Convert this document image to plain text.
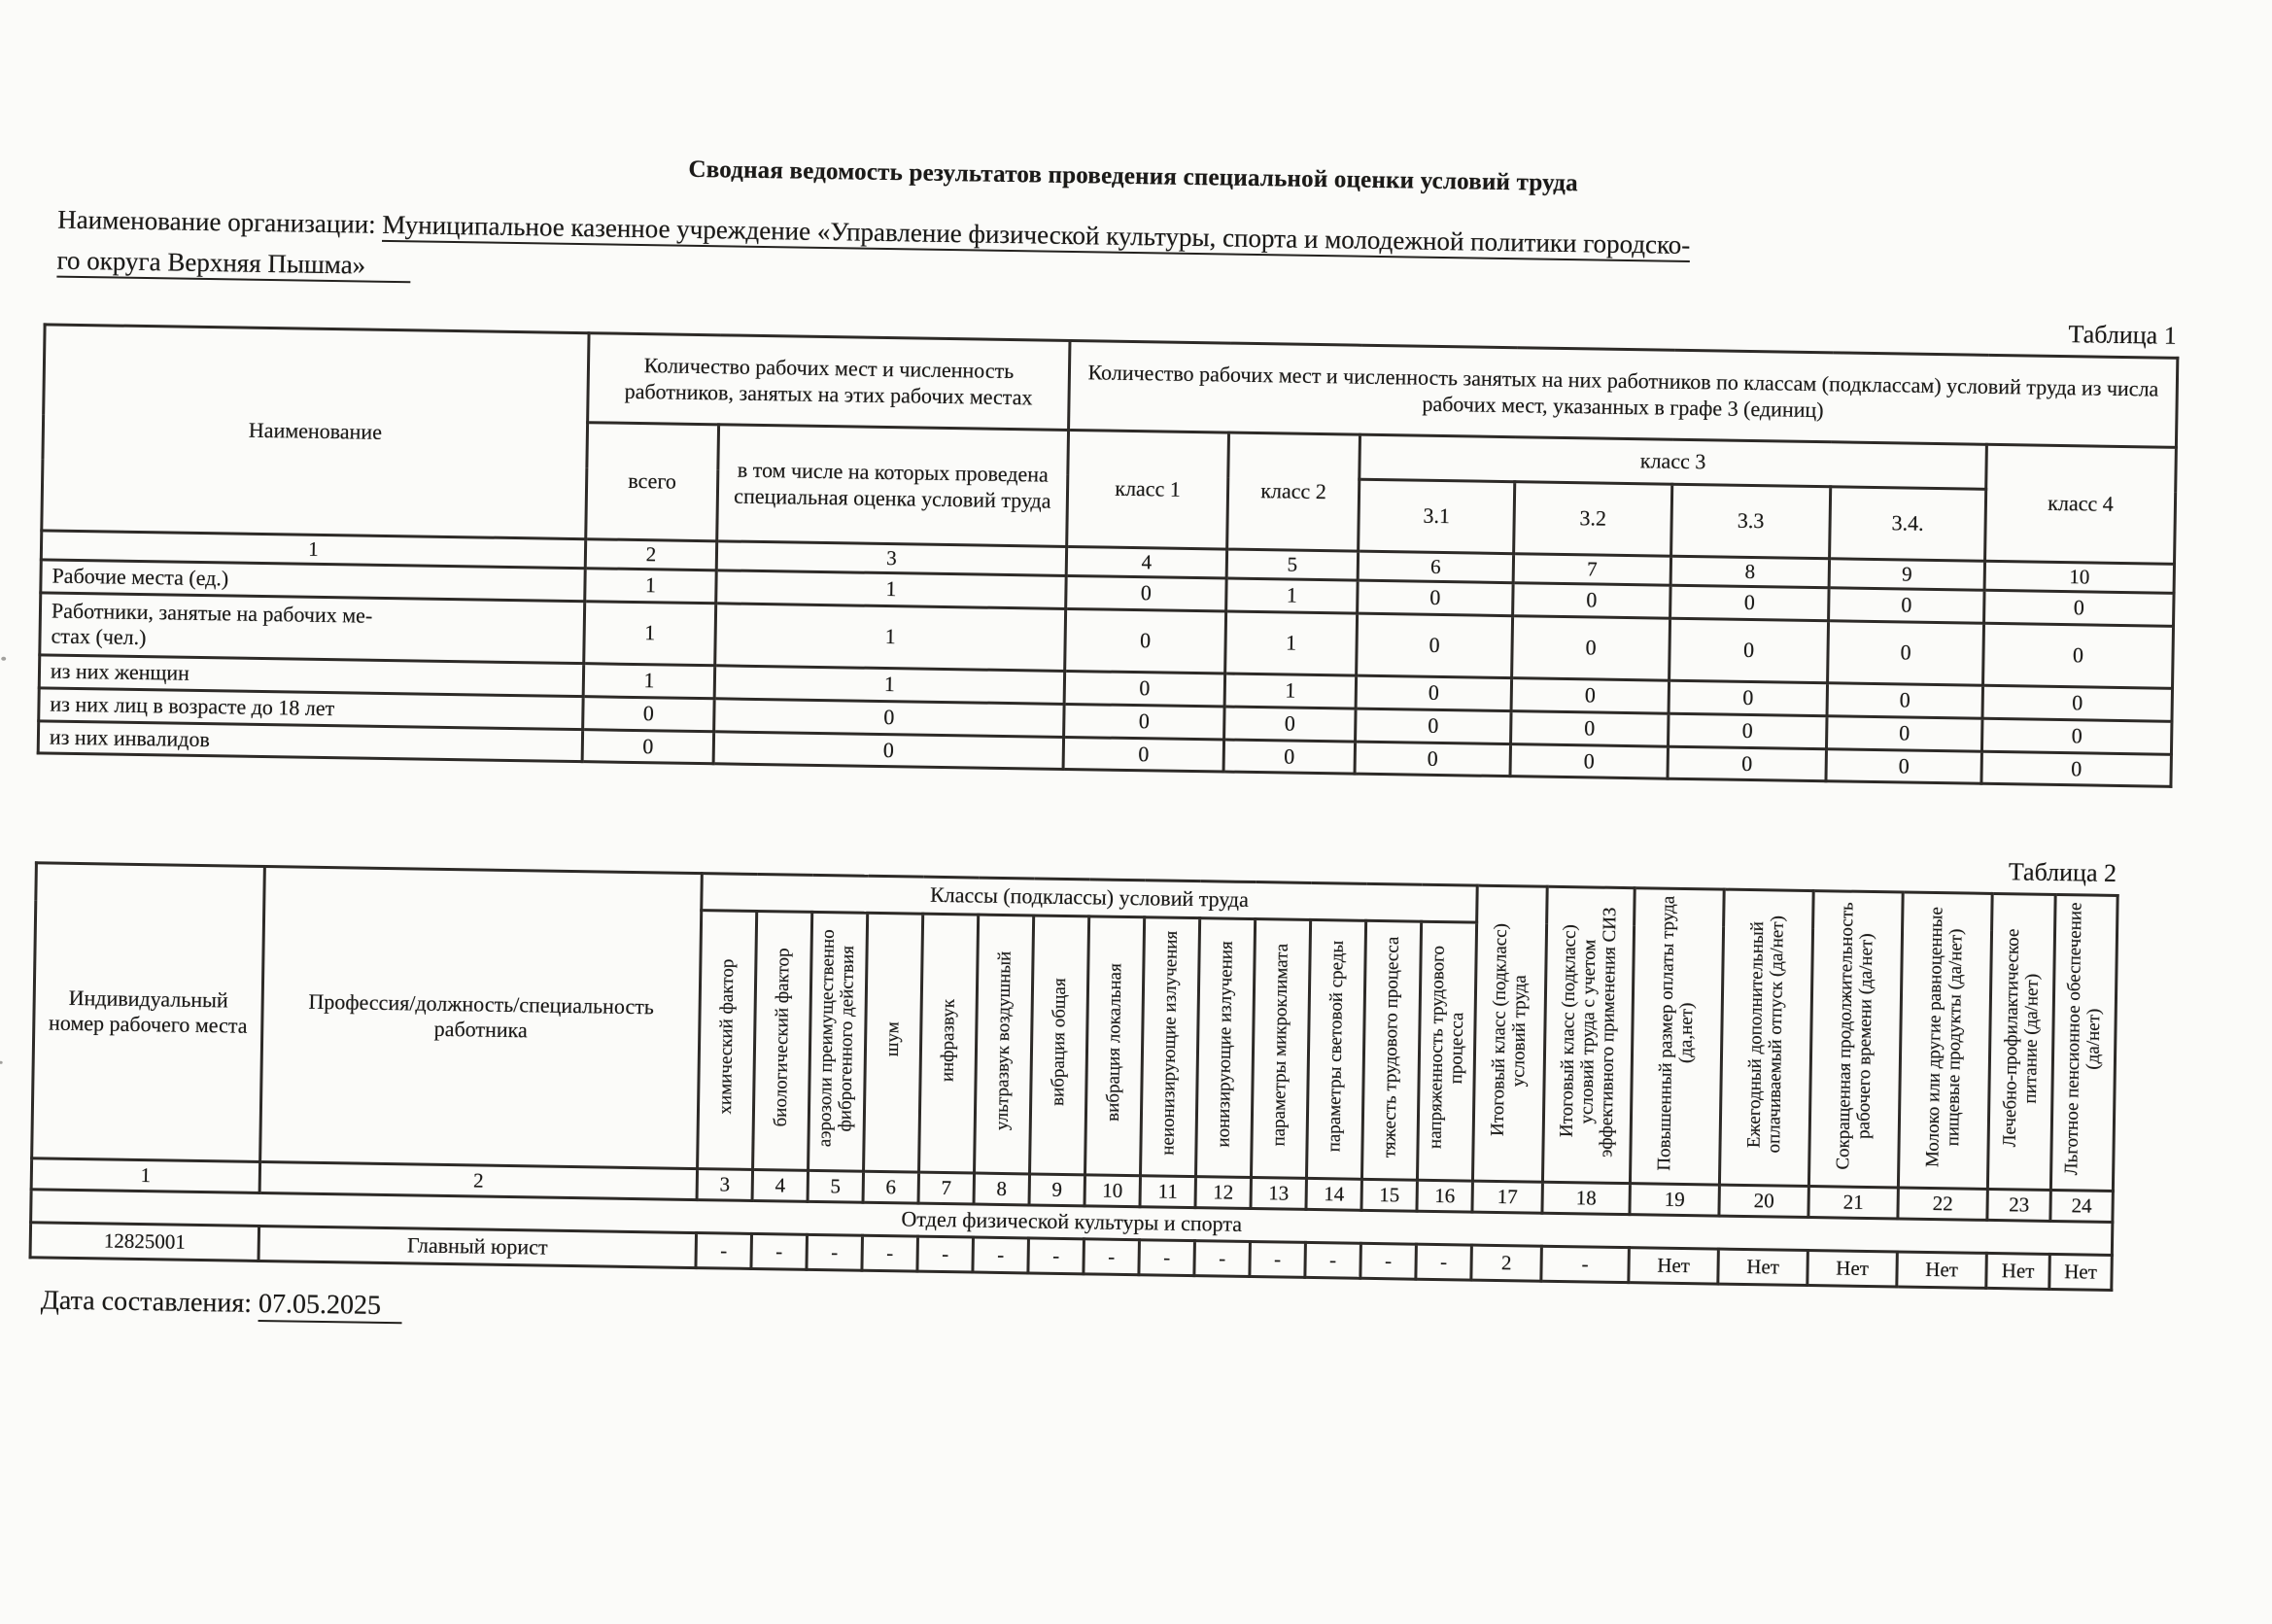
Сводная ведомость результатов проведения специальной оценки условий труда
Наименование организации: Муниципальное казенное учреждение «Управление физической культуры, спорта и молодежной политики городско-
го округа Верхняя Пышма»
Таблица 1
Наименование	Количество рабочих мест и численность работников, занятых на этих рабочих местах		Количество рабочих мест и численность занятых на них работников по классам (подклассам) условий труда из числа рабочих мест, указанных в графе 3 (единиц)						
	всего	в том числе на которых проведена специальная оценка условий труда	класс 1	класс 2	класс 3				класс 4
					3.1	3.2	3.3	3.4.	
1	2	3	4	5	6	7	8	9	10
Рабочие места (ед.)	1	1	0	1	0	0	0	0	0
Работники, занятые на рабочих ме-
стах (чел.)	1	1	0	1	0	0	0	0	0
из них женщин	1	1	0	1	0	0	0	0	0
из них лиц в возрасте до 18 лет	0	0	0	0	0	0	0	0	0
из них инвалидов	0	0	0	0	0	0	0	0	0
Таблица 2
Индивидуальный номер рабочего места	Профессия/должность/специальность работника	Классы (подклассы) условий труда														Итоговый класс (подкласс) условий труда	Итоговый класс (подкласс) условий труда с учетом эффективного применения СИЗ	Повышенный размер оплаты труда (да,нет)	Ежегодный дополнительный оплачиваемый отпуск (да/нет)	Сокращенная продолжительность рабочего времени (да/нет)	Молоко или другие равноценные пищевые продукты (да/нет)	Лечебно-профилактическое питание (да/нет)	Льготное пенсионное обеспечение (да/нет)
		химический фактор	биологический фактор	аэрозоли преимущественно фиброгенного действия	шум	инфразвук	ультразвук воздушный	вибрация общая	вибрация локальная	неионизирующие излучения	ионизирующие излучения	параметры микроклимата	параметры световой среды	тяжесть трудового процесса	напряженность трудового процесса								
1	2	3	4	5	6	7	8	9	10	11	12	13	14	15	16	17	18	19	20	21	22	23	24
Отдел физической культуры и спорта																							
12825001	Главный юрист	-	-	-	-	-	-	-	-	-	-	-	-	-	-	2	-	Нет	Нет	Нет	Нет	Нет	Нет
Дата составления: 07.05.2025
